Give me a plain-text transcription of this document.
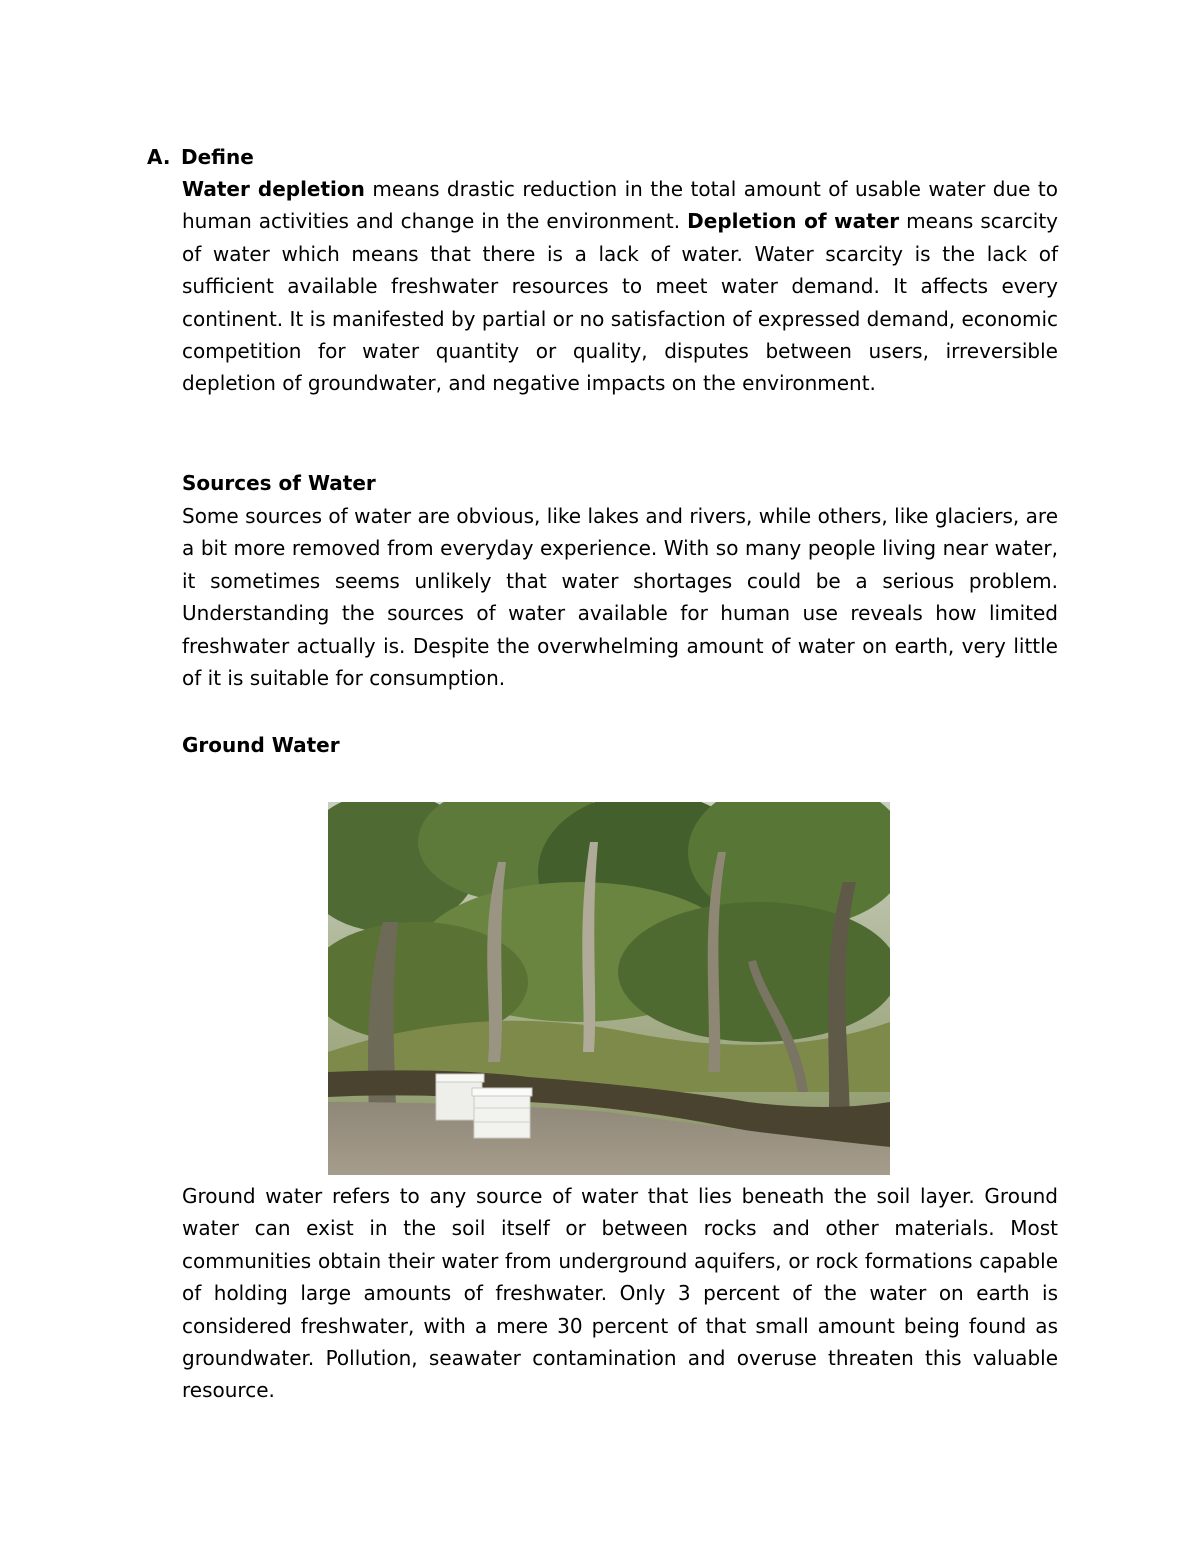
A. Define

Water depletion means drastic reduction in the total amount of usable water due to human activities and change in the environment. Depletion of water means scarcity of water which means that there is a lack of water. Water scarcity is the lack of sufficient available freshwater resources to meet water demand. It affects every continent. It is manifested by partial or no satisfaction of expressed demand, economic competition for water quantity or quality, disputes between users, irreversible depletion of groundwater, and negative impacts on the environment.

Sources of Water

Some sources of water are obvious, like lakes and rivers, while others, like glaciers, are a bit more removed from everyday experience. With so many people living near water, it sometimes seems unlikely that water shortages could be a serious problem. Understanding the sources of water available for human use reveals how limited freshwater actually is. Despite the overwhelming amount of water on earth, very little of it is suitable for consumption.

Ground Water

Ground water refers to any source of water that lies beneath the soil layer. Ground water can exist in the soil itself or between rocks and other materials. Most communities obtain their water from underground aquifers, or rock formations capable of holding large amounts of freshwater. Only 3 percent of the water on earth is considered freshwater, with a mere 30 percent of that small amount being found as groundwater. Pollution, seawater contamination and overuse threaten this valuable resource.
